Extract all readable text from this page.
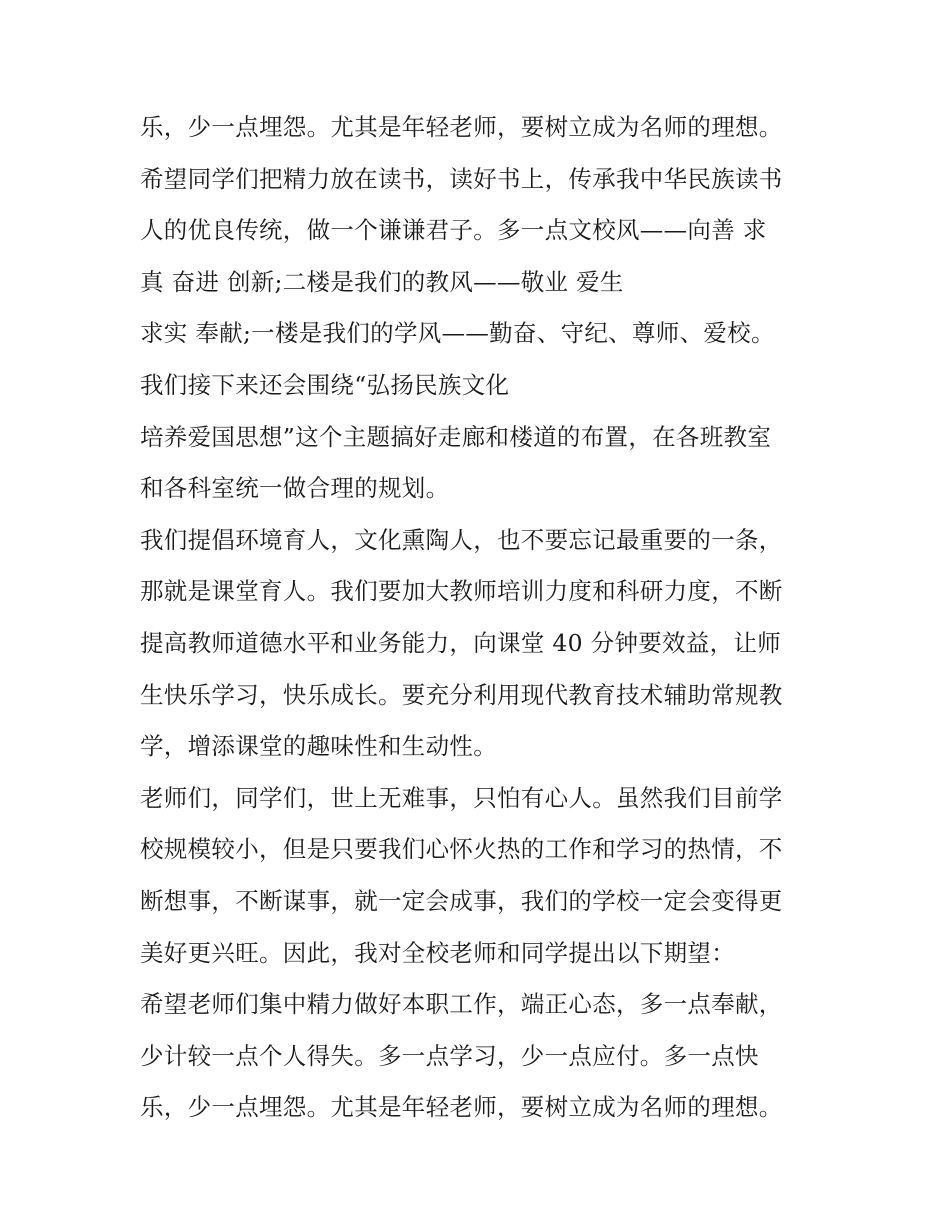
乐，少一点埋怨。尤其是年轻老师，要树立成为名师的理想。
希望同学们把精力放在读书，读好书上，传承我中华民族读书
人的优良传统，做一个谦谦君子。多一点文校风——向善 求
真 奋进 创新;二楼是我们的教风——敬业 爱生
求实 奉献;一楼是我们的学风——勤奋、守纪、尊师、爱校。
我们接下来还会围绕“弘扬民族文化
培养爱国思想”这个主题搞好走廊和楼道的布置，在各班教室
和各科室统一做合理的规划。
我们提倡环境育人，文化熏陶人，也不要忘记最重要的一条，
那就是课堂育人。我们要加大教师培训力度和科研力度，不断
提高教师道德水平和业务能力，向课堂 40 分钟要效益，让师
生快乐学习，快乐成长。要充分利用现代教育技术辅助常规教
学，增添课堂的趣味性和生动性。
老师们，同学们，世上无难事，只怕有心人。虽然我们目前学
校规模较小，但是只要我们心怀火热的工作和学习的热情，不
断想事，不断谋事，就一定会成事，我们的学校一定会变得更
美好更兴旺。因此，我对全校老师和同学提出以下期望：
希望老师们集中精力做好本职工作，端正心态，多一点奉献，
少计较一点个人得失。多一点学习，少一点应付。多一点快
乐，少一点埋怨。尤其是年轻老师，要树立成为名师的理想。
